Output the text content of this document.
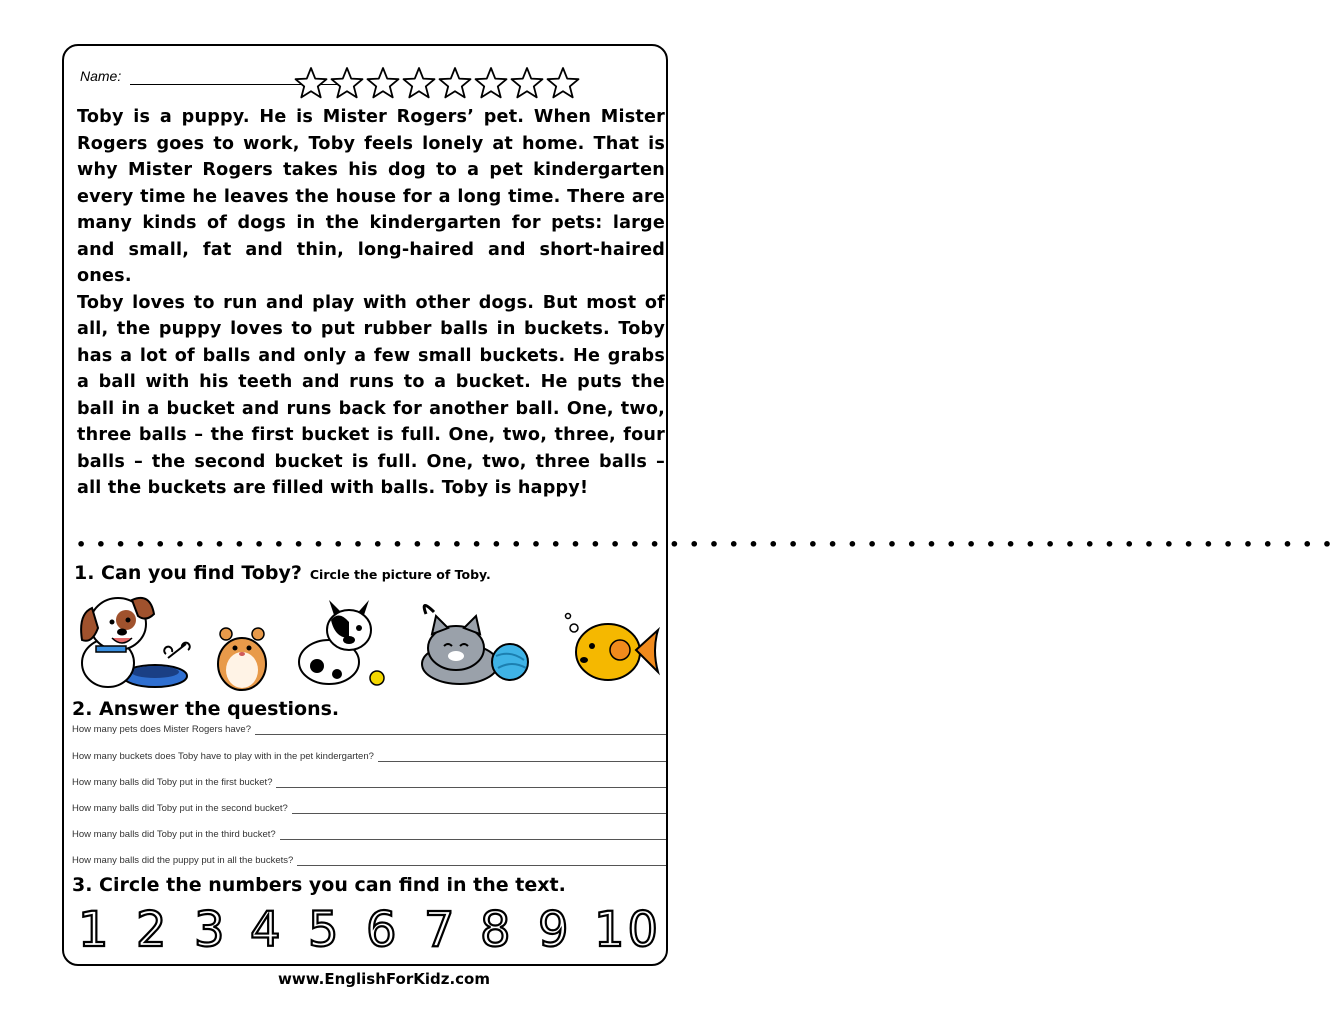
Name:

Toby is a puppy. He is Mister Rogers’ pet. When Mister Rogers goes to work, Toby feels lonely at home. That is why Mister Rogers takes his dog to a pet kindergarten every time he leaves the house for a long time. There are many kinds of dogs in the kindergarten for pets: large and small, fat and thin, long-haired and short-haired ones.

Toby loves to run and play with other dogs. But most of all, the puppy loves to put rubber balls in buckets. Toby has a lot of balls and only a few small buckets. He grabs a ball with his teeth and runs to a bucket. He puts the ball in a bucket and runs back for another ball. One, two, three balls – the first bucket is full. One, two, three, four balls – the second bucket is full. One, two, three balls – all the buckets are filled with balls. Toby is happy!

••••••••••••••••••••••••••••••••••••••••••••••••••••••••••••••••
1. Can you find Toby? Circle the picture of Toby.
2. Answer the questions.
How many pets does Mister Rogers have?
How many buckets does Toby have to play with in the pet kindergarten?
How many balls did Toby put in the first bucket?
How many balls did Toby put in the second bucket?
How many balls did Toby put in the third bucket?
How many balls did the puppy put in all the buckets?
3. Circle the numbers you can find in the text.
1 2 3 4 5 6 7 8 9 10
www.EnglishForKidz.com
